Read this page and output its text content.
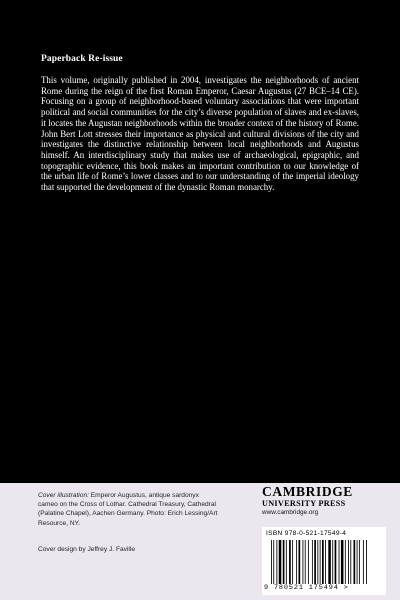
Paperback Re-issue

This volume, originally published in 2004, investigates the neighborhoods of ancient Rome during the reign of the first Roman Emperor, Caesar Augustus (27 BCE–14 CE). Focusing on a group of neighborhood-based voluntary associations that were important political and social communities for the city’s diverse population of slaves and ex-slaves, it locates the Augustan neighborhoods within the broader context of the history of Rome. John Bert Lott stresses their importance as physical and cultural divisions of the city and investigates the distinctive relationship between local neighborhoods and Augustus himself. An interdisciplinary study that makes use of archaeological, epigraphic, and topographic evidence, this book makes an important contribution to our knowledge of the urban life of Rome’s lower classes and to our understanding of the imperial ideology that supported the development of the dynastic Roman monarchy.

Cover illustration: Emperor Augustus, antique sardonyx cameo on the Cross of Lothar. Cathedral Treasury, Cathedral (Palatine Chapel), Aachen Germany. Photo: Erich Lessing/Art Resource, NY.
Cover design by Jeffrey J. Faville
CAMBRIDGE
UNIVERSITY PRESS
www.cambridge.org
ISBN 978-0-521-17549-4
9 780521 175494 >
